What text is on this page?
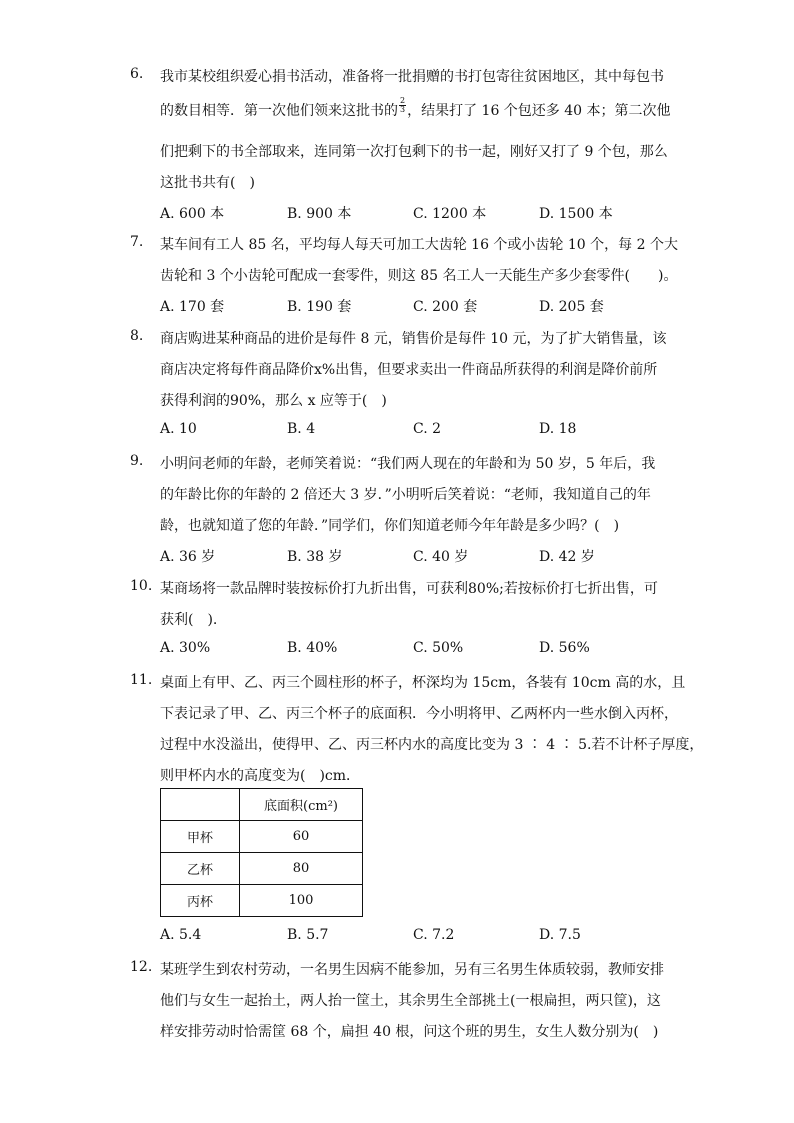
6.	我市某校组织爱心捐书活动，准备将一批捐赠的书打包寄往贫困地区，其中每包书
的数目相等．第一次他们领来这批书的 $\frac{2}{3}$ ，结果打了 16 个包还多 40 本；第二次他
们把剩下的书全部取来，连同第一次打包剩下的书一起，刚好又打了 9 个包，那么
这批书共有(　)
A. 600 本	B. 900 本	C. 1200 本	D. 1500 本
7.	某车间有工人 85 名，平均每人每天可加工大齿轮 16 个或小齿轮 10 个，每 2 个大
齿轮和 3 个小齿轮可配成一套零件，则这 85 名工人一天能生产多少套零件(　　)。
A. 170 套	B. 190 套	C. 200 套	D. 205 套
8.	商店购进某种商品的进价是每件 8 元，销售价是每件 10 元，为了扩大销售量，该
商店决定将每件商品降价x%出售，但要求卖出一件商品所获得的利润是降价前所
获得利润的90%，那么 x 应等于(　)
A. 10	B. 4	C. 2	D. 18
9.	小明问老师的年龄，老师笑着说：“我们两人现在的年龄和为 50 岁，5 年后，我
的年龄比你的年龄的 2 倍还大 3 岁．”小明听后笑着说：“老师，我知道自己的年
龄，也就知道了您的年龄．”同学们，你们知道老师今年年龄是多少吗？(　)
A. 36 岁	B. 38 岁	C. 40 岁	D. 42 岁
10. 某商场将一款品牌时装按标价打九折出售，可获利80%;若按标价打七折出售，可
获利(　).
A. 30%	B. 40%	C. 50%	D. 56%
11. 桌面上有甲、乙、丙三个圆柱形的杯子，杯深均为 15cm，各装有 10cm 高的水，且
下表记录了甲、乙、丙三个杯子的底面积．今小明将甲、乙两杯内一些水倒入丙杯，
过程中水没溢出，使得甲、乙、丙三杯内水的高度比变为 3 ∶ 4 ∶ 5.若不计杯子厚度，
则甲杯内水的高度变为(　)cm．
	底面积(cm²)
甲杯	60
乙杯	80
丙杯	100
A. 5.4	B. 5.7	C. 7.2	D. 7.5
12. 某班学生到农村劳动，一名男生因病不能参加，另有三名男生体质较弱，教师安排
他们与女生一起抬土，两人抬一筐土，其余男生全部挑土(一根扁担，两只筐)，这
样安排劳动时恰需筐 68 个，扁担 40 根，问这个班的男生，女生人数分别为(　)
